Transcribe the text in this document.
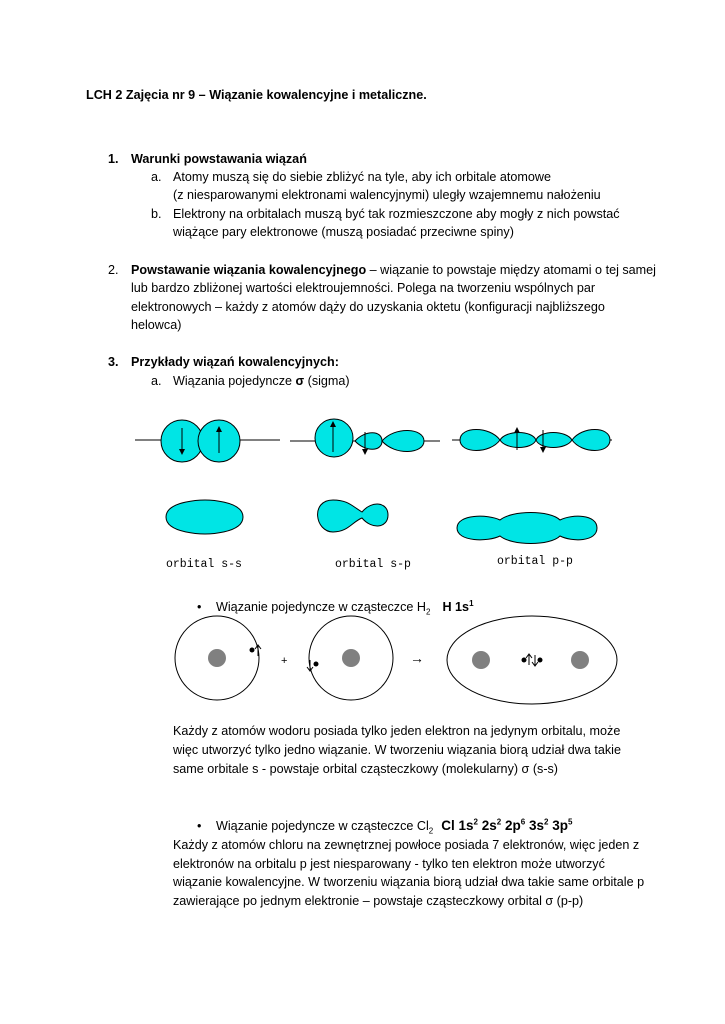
LCH 2 Zajęcia nr 9 – Wiązanie kowalencyjne i metaliczne.
1. Warunki powstawania wiązań
a. Atomy muszą się do siebie zbliżyć na tyle, aby ich orbitale atomowe
(z niesparowanymi elektronami walencyjnymi) uległy wzajemnemu nałożeniu
b. Elektrony na orbitalach muszą być tak rozmieszczone aby mogły z nich powstać
wiążące pary elektronowe (muszą posiadać przeciwne spiny)
2. Powstawanie wiązania kowalencyjnego – wiązanie to powstaje między atomami o tej samej
lub bardzo zbliżonej wartości elektroujemności. Polega na tworzeniu wspólnych par
elektronowych – każdy z atomów dąży do uzyskania oktetu (konfiguracji najbliższego
helowca)
3. Przykłady wiązań kowalencyjnych:
a. Wiązania pojedyncze σ (sigma)
orbital s-s	orbital s-p	orbital p-p
• Wiązanie pojedyncze w cząsteczce $H_2$ H $1s^1$
+	→
Każdy z atomów wodoru posiada tylko jeden elektron na jedynym orbitalu, może
więc utworzyć tylko jedno wiązanie. W tworzeniu wiązania biorą udział dwa takie
same orbitale s - powstaje orbital cząsteczkowy (molekularny) σ (s-s)
• Wiązanie pojedyncze w cząsteczce $Cl_2$ Cl $1s^2$ $2s^2$ $2p^6$ $3s^2$ $3p^5$
Każdy z atomów chloru na zewnętrznej powłoce posiada 7 elektronów, więc jeden z
elektronów na orbitalu p jest niesparowany - tylko ten elektron może utworzyć
wiązanie kowalencyjne. W tworzeniu wiązania biorą udział dwa takie same orbitale p
zawierające po jednym elektronie – powstaje cząsteczkowy orbital σ (p-p)
